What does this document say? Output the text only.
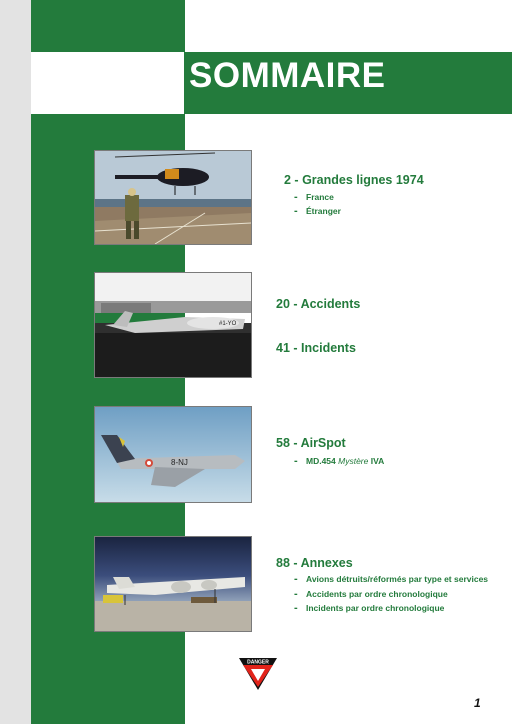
SOMMAIRE
#1-YO
8-NJ
2 - Grandes lignes 1974
- France
- Étranger
20 - Accidents
41 - Incidents
58 - AirSpot
- MD.454 Mystère IVA
88 - Annexes
- Avions détruits/réformés par type et services
- Accidents par ordre chronologique
- Incidents par ordre chronologique
DANGER
1
